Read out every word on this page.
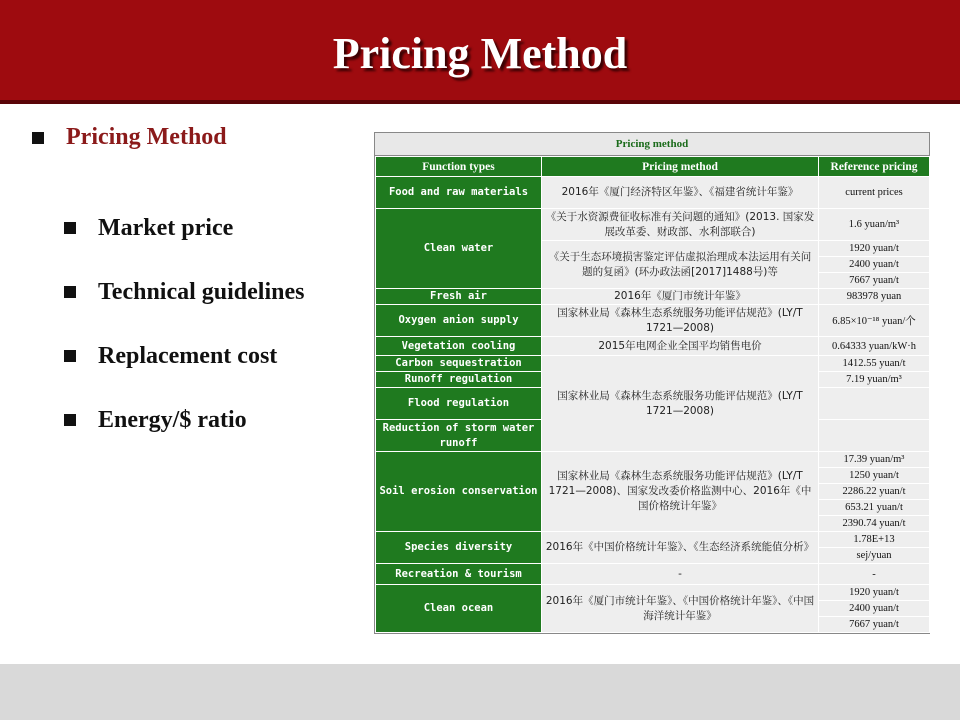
Pricing Method
Pricing Method
Market price
Technical guidelines
Replacement cost
Energy/$ ratio
Pricing method
Function types	Pricing method	Reference pricing
Food and raw materials	2016年《厦门经济特区年鉴》、《福建省统计年鉴》	current prices
Clean water	《关于水资源费征收标准有关问题的通知》(2013. 国家发展改革委、财政部、水利部联合)	1.6 yuan/m³
	《关于生态环境损害鉴定评估虚拟治理成本法运用有关问题的复函》(环办政法函[2017]1488号)等	1920 yuan/t
		2400 yuan/t
		7667 yuan/t
Fresh air	2016年《厦门市统计年鉴》	983978 yuan
Oxygen anion supply	国家林业局《森林生态系统服务功能评估规范》(LY/T 1721—2008)	6.85×10⁻¹⁸ yuan/个
Vegetation cooling	2015年电网企业全国平均销售电价	0.64333 yuan/kW·h
Carbon sequestration	国家林业局《森林生态系统服务功能评估规范》(LY/T 1721—2008)	1412.55 yuan/t
Runoff regulation		7.19 yuan/m³
Flood regulation		
Reduction of storm water runoff		
Soil erosion conservation	国家林业局《森林生态系统服务功能评估规范》(LY/T 1721—2008)、国家发改委价格监测中心、2016年《中国价格统计年鉴》	17.39 yuan/m³
		1250 yuan/t
		2286.22 yuan/t
		653.21 yuan/t
		2390.74 yuan/t
Species diversity	2016年《中国价格统计年鉴》、《生态经济系统能值分析》	1.78E+13
		sej/yuan
Recreation & tourism	-	-
Clean ocean	2016年《厦门市统计年鉴》、《中国价格统计年鉴》、《中国海洋统计年鉴》	1920 yuan/t
		2400 yuan/t
		7667 yuan/t
